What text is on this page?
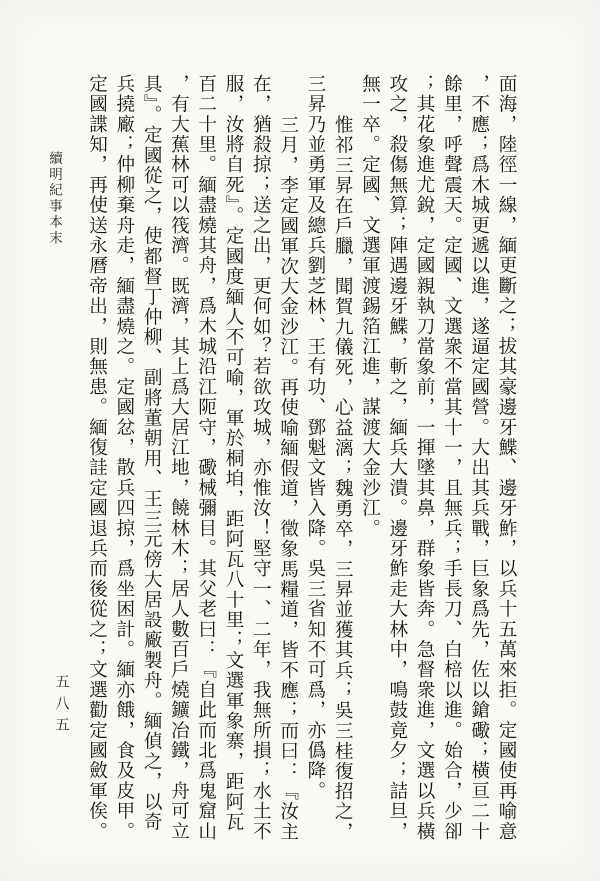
面海，陸徑一線，緬更斷之；拔其豪邊牙鰈、邊牙鮓，以兵十五萬來拒。定國使再喻意
，不應；爲木城更遞以進，遂逼定國營。大出其兵戰，巨象爲先，佐以鎗礮；橫亘二十
餘里，呼聲震天。定國、文選衆不當其十一，且無兵；手長刀、白棓以進。始合，少卻
；其花象進尤銳，定國親執刀當象前，一揮墜其鼻，群象皆奔。急督衆進，文選以兵橫
攻之，殺傷無算；陣遇邊牙鰈，斬之，緬兵大潰。邊牙鮓走大林中，鳴鼓竟夕；詰旦，
無一卒。定國、文選軍渡錫箔江進，謀渡大金沙江。
惟祁三昇在戶臘，聞賀九儀死，心益漓；魏勇卒，三昇並獲其兵；吳三桂復招之，
三昇乃並勇軍及總兵劉芝林、王有功、鄧魁文皆入降。吳三省知不可爲，亦僞降。
三月，李定國軍次大金沙江。再使喻緬假道，徵象馬糧道，皆不應；而曰：『汝主
在，猶殺掠；送之出，更何如？若欲攻城，亦惟汝！堅守一、二年，我無所損；水土不
服，汝將自死』。定國度緬人不可喻，軍於桐垍，距阿瓦八十里；文選軍象寨，距阿瓦
百二十里。緬盡燒其舟，爲木城沿江阨守，礮械彌目。其父老曰：『自此而北爲鬼窟山
，有大蕉林可以筏濟。既濟，其上爲大居江地，饒林木；居人數百戶燒鑛冶鐵，舟可立
具』。定國從之，使都督丁仲柳、副將董朝用、王三元傍大居設廠製舟。緬偵之，以奇
兵撓廠；仲柳棄舟走，緬盡燒之。定國忿，散兵四掠，爲坐困計。緬亦餓，食及皮甲。
定國諜知，再使送永曆帝出，則無患。緬復詿定國退兵而後從之；文選勸定國斂軍俟。
續明紀事本末
五八五
